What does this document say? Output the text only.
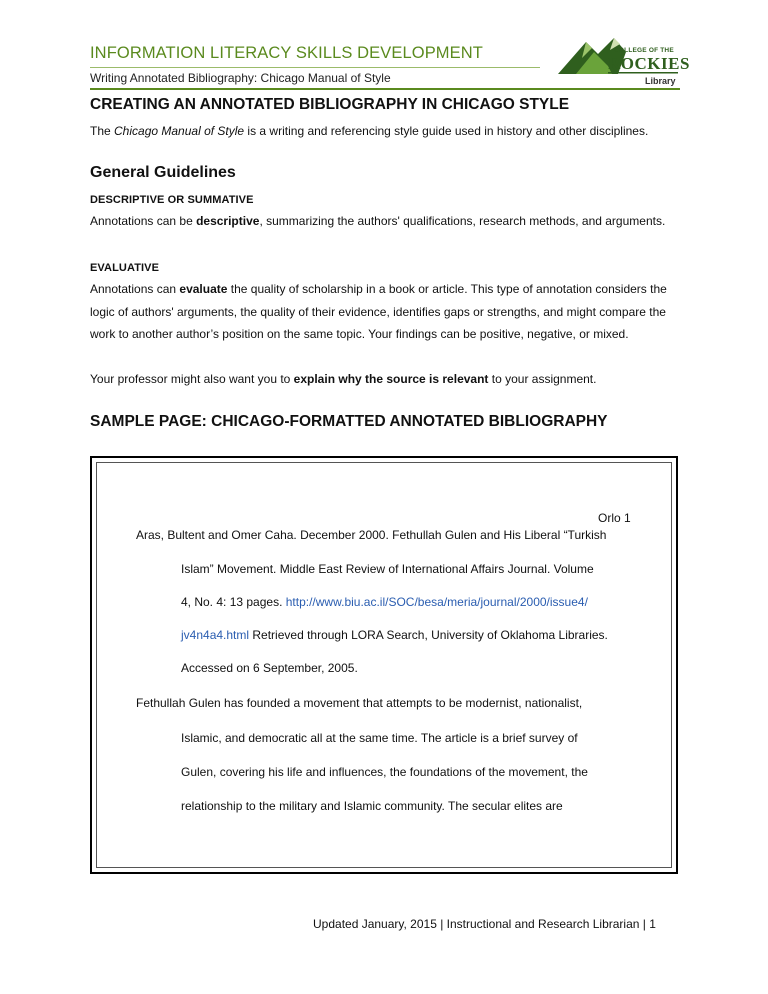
INFORMATION LITERACY SKILLS DEVELOPMENT
Writing Annotated Bibliography: Chicago Manual of Style
COLLEGE OF THE
ROCKIES
Library
CREATING AN ANNOTATED BIBLIOGRAPHY IN CHICAGO STYLE
The Chicago Manual of Style is a writing and referencing style guide used in history and other disciplines.
General Guidelines
DESCRIPTIVE OR SUMMATIVE
Annotations can be descriptive, summarizing the authors' qualifications, research methods, and arguments.
EVALUATIVE
Annotations can evaluate the quality of scholarship in a book or article. This type of annotation considers the logic of authors' arguments, the quality of their evidence, identifies gaps or strengths, and might compare the work to another author’s position on the same topic. Your findings can be positive, negative, or mixed.
Your professor might also want you to explain why the source is relevant to your assignment.
SAMPLE PAGE: CHICAGO-FORMATTED ANNOTATED BIBLIOGRAPHY
Orlo 1
Aras, Bultent and Omer Caha. December 2000. Fethullah Gulen and His Liberal “Turkish
Islam” Movement. Middle East Review of International Affairs Journal. Volume
4, No. 4: 13 pages. http://www.biu.ac.il/SOC/besa/meria/journal/2000/issue4/
jv4n4a4.html Retrieved through LORA Search, University of Oklahoma Libraries.
Accessed on 6 September, 2005.
Fethullah Gulen has founded a movement that attempts to be modernist, nationalist,
Islamic, and democratic all at the same time. The article is a brief survey of
Gulen, covering his life and influences, the foundations of the movement, the
relationship to the military and Islamic community. The secular elites are
Updated January, 2015 | Instructional and Research Librarian | 1
